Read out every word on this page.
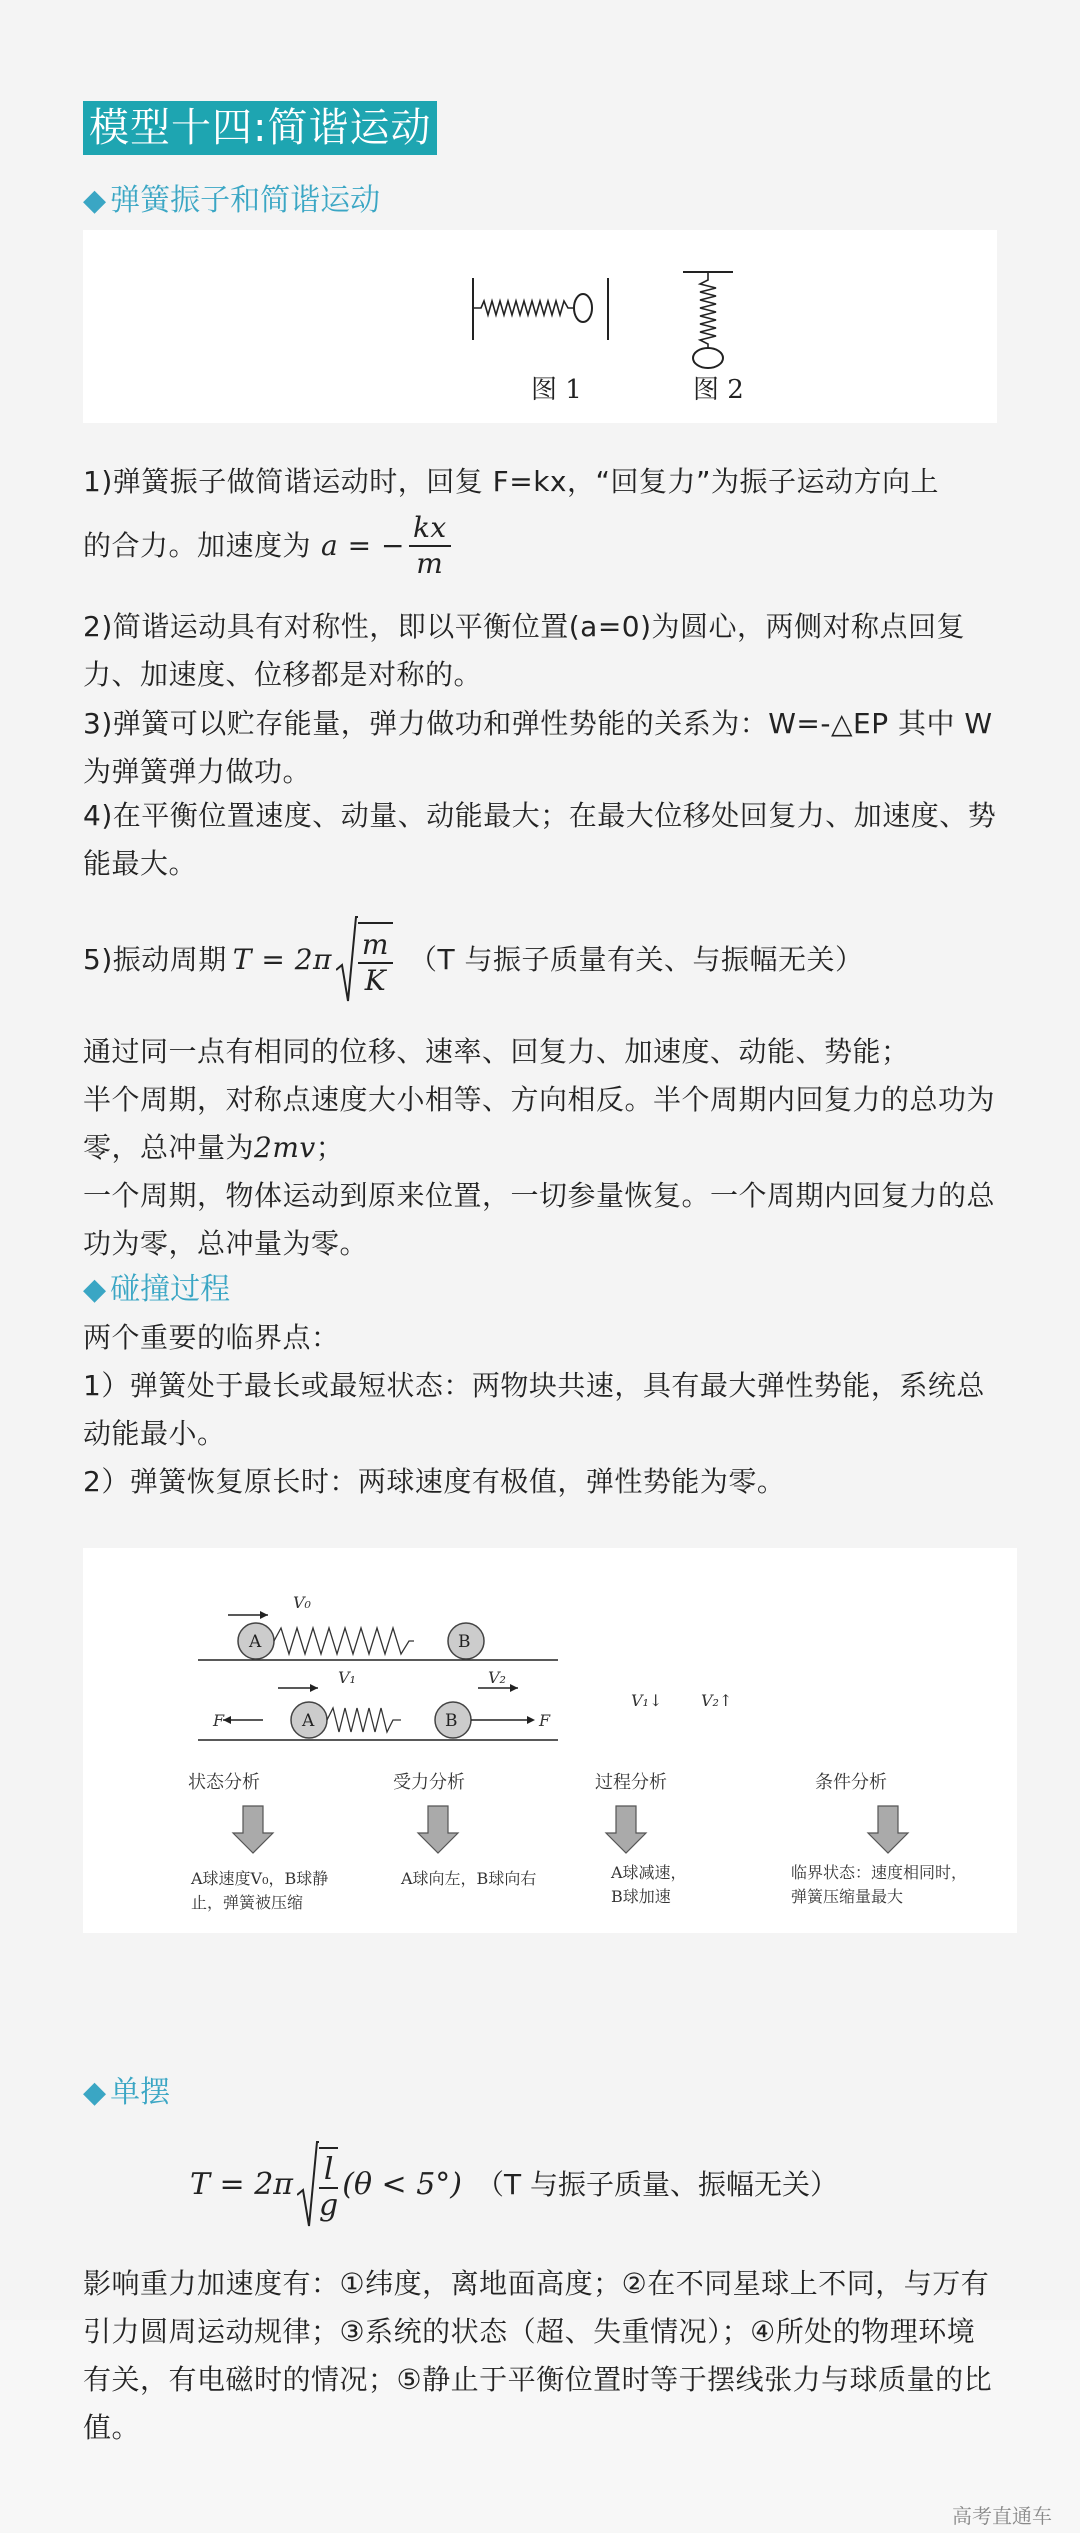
模型十四:简谐运动
◆ 弹簧振子和简谐运动
图 1	图 2
1)弹簧振子做简谐运动时，回复 F=kx，“回复力”为振子运动方向上
的合力。加速度为 a = − $\frac{kx}{m}$
2)简谐运动具有对称性，即以平衡位置(a=0)为圆心，两侧对称点回复力、加速度、位移都是对称的。
3)弹簧可以贮存能量，弹力做功和弹性势能的关系为：W=-△EP 其中 W 为弹簧弹力做功。
4)在平衡位置速度、动量、动能最大；在最大位移处回复力、加速度、势能最大。
5)振动周期 $T = 2\pi \frac{m}{K} (T$ 与振子质量有关、与振幅无关）
通过同一点有相同的位移、速率、回复力、加速度、动能、势能；
半个周期，对称点速度大小相等、方向相反。半个周期内回复力的总功为零，总冲量为2mv；
一个周期，物体运动到原来位置，一切参量恢复。一个周期内回复力的总功为零，总冲量为零。
◆ 碰撞过程
两个重要的临界点：
1）弹簧处于最长或最短状态：两物块共速，具有最大弹性势能，系统总动能最小。
2）弹簧恢复原长时：两球速度有极值，弹性势能为零。
V₀
A	B
V₁	V₂
F	A	B	F
V₁↓ V₂↑
状态分析	受力分析	过程分析	条件分析
A球速度V₀，B球静
止，弹簧被压缩
A球向左，B球向右	A球减速，
B球加速
临界状态：速度相同时，
弹簧压缩量最大
◆ 单摆
$T = 2\pi \frac{l}{g} (\theta < 5^\circ)$ （T 与振子质量、振幅无关）
影响重力加速度有：①纬度，离地面高度；②在不同星球上不同，与万有引力圆周运动规律；③系统的状态（超、失重情况）；④所处的物理环境有关，有电磁时的情况；⑤静止于平衡位置时等于摆线张力与球质量的比值。
高考直通车
